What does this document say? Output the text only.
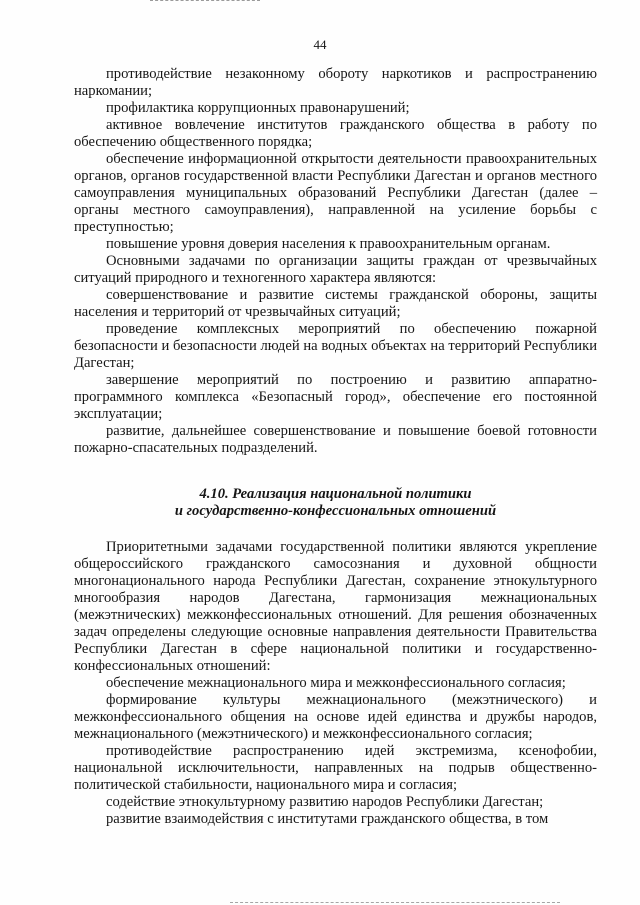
44

противодействие незаконному обороту наркотиков и распространению наркомании;

профилактика коррупционных правонарушений;

активное вовлечение институтов гражданского общества в работу по обеспечению общественного порядка;

обеспечение информационной открытости деятельности правоохранительных органов, органов государственной власти Республики Дагестан и органов местного самоуправления муниципальных образований Республики Дагестан (далее – органы местного самоуправления), направленной на усиление борьбы с преступностью;

повышение уровня доверия населения к правоохранительным органам.

Основными задачами по организации защиты граждан от чрезвычайных ситуаций природного и техногенного характера являются:

совершенствование и развитие системы гражданской обороны, защиты населения и территорий от чрезвычайных ситуаций;

проведение комплексных мероприятий по обеспечению пожарной безопасности и безопасности людей на водных объектах на территорий Республики Дагестан;

завершение мероприятий по построению и развитию аппаратно-программного комплекса «Безопасный город», обеспечение его постоянной эксплуатации;

развитие, дальнейшее совершенствование и повышение боевой готовности пожарно-спасательных подразделений.

4.10. Реализация национальной политики
и государственно-конфессиональных отношений

Приоритетными задачами государственной политики являются укрепление общероссийского гражданского самосознания и духовной общности многонационального народа Республики Дагестан, сохранение этнокультурного многообразия народов Дагестана, гармонизация межнациональных (межэтнических) межконфессиональных отношений. Для решения обозначенных задач определены следующие основные направления деятельности Правительства Республики Дагестан в сфере национальной политики и государственно-конфессиональных отношений:

обеспечение межнационального мира и межконфессионального согласия;

формирование культуры межнационального (межэтнического) и межконфессионального общения на основе идей единства и дружбы народов, межнационального (межэтнического) и межконфессионального согласия;

противодействие распространению идей экстремизма, ксенофобии, национальной исключительности, направленных на подрыв общественно-политической стабильности, национального мира и согласия;

содействие этнокультурному развитию народов Республики Дагестан;

развитие взаимодействия с институтами гражданского общества, в том
